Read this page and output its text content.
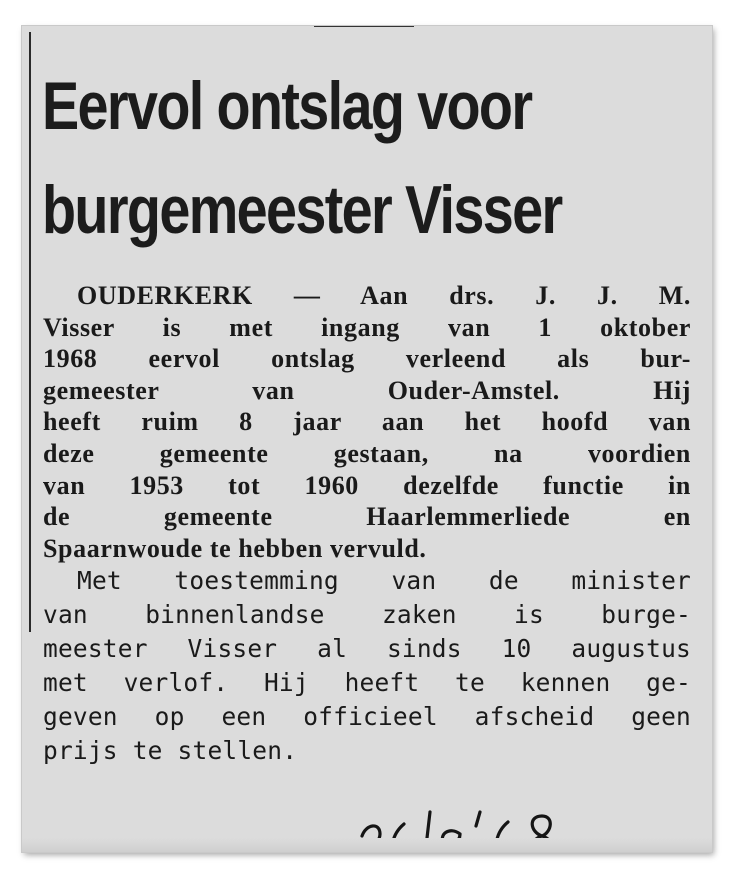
Eervol ontslag voor
burgemeester Visser

OUDERKERK — Aan drs. J. J. M.
Visser is met ingang van 1 oktober
1968 eervol ontslag verleend als bur-
gemeester van Ouder-Amstel. Hij
heeft ruim 8 jaar aan het hoofd van
deze gemeente gestaan, na voordien
van 1953 tot 1960 dezelfde functie in
de gemeente Haarlemmerliede en
Spaarnwoude te hebben vervuld.

Met toestemming van de minister
van binnenlandse zaken is burge-
meester Visser al sinds 10 augustus
met verlof. Hij heeft te kennen ge-
geven op een officieel afscheid geen
prijs te stellen.
